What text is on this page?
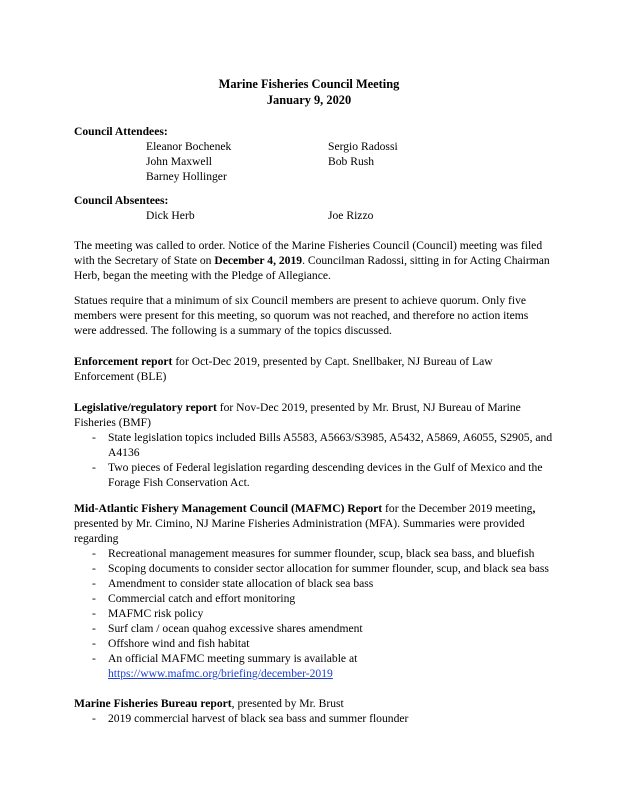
Marine Fisheries Council Meeting
January 9, 2020
Council Attendees:
Eleanor Bochenek
John Maxwell
Barney Hollinger
Sergio Radossi
Bob Rush
Council Absentees:
Dick Herb	Joe Rizzo

The meeting was called to order. Notice of the Marine Fisheries Council (Council) meeting was filed with the Secretary of State on December 4, 2019. Councilman Radossi, sitting in for Acting Chairman Herb, began the meeting with the Pledge of Allegiance.

Statues require that a minimum of six Council members are present to achieve quorum. Only five members were present for this meeting, so quorum was not reached, and therefore no action items were addressed. The following is a summary of the topics discussed.

Enforcement report for Oct-Dec 2019, presented by Capt. Snellbaker, NJ Bureau of Law Enforcement (BLE)

Legislative/regulatory report for Nov-Dec 2019, presented by Mr. Brust, NJ Bureau of Marine Fisheries (BMF)

- State legislation topics included Bills A5583, A5663/S3985, A5432, A5869, A6055, S2905, and A4136
- Two pieces of Federal legislation regarding descending devices in the Gulf of Mexico and the Forage Fish Conservation Act.

Mid-Atlantic Fishery Management Council (MAFMC) Report for the December 2019 meeting, presented by Mr. Cimino, NJ Marine Fisheries Administration (MFA). Summaries were provided regarding

- Recreational management measures for summer flounder, scup, black sea bass, and bluefish
- Scoping documents to consider sector allocation for summer flounder, scup, and black sea bass
- Amendment to consider state allocation of black sea bass
- Commercial catch and effort monitoring
- MAFMC risk policy
- Surf clam / ocean quahog excessive shares amendment
- Offshore wind and fish habitat
- An official MAFMC meeting summary is available at https://www.mafmc.org/briefing/december-2019

Marine Fisheries Bureau report, presented by Mr. Brust

- 2019 commercial harvest of black sea bass and summer flounder
